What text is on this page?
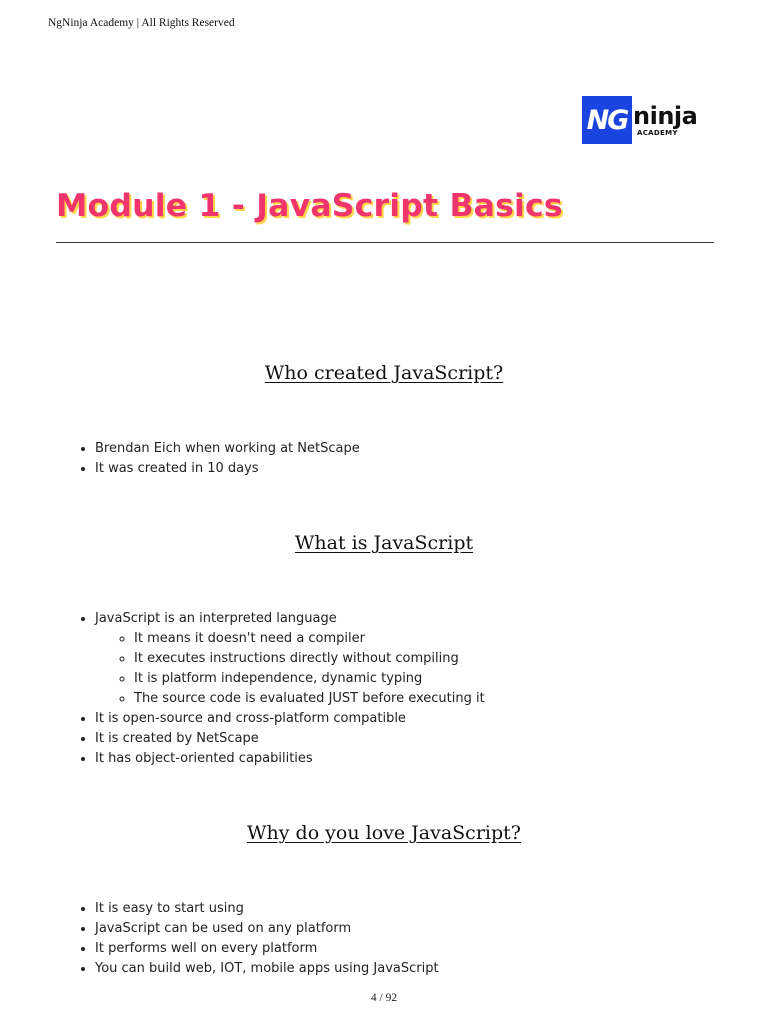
NgNinja Academy | All Rights Reserved
NG ninja
ACADEMY
Module 1 - JavaScript Basics
Who created JavaScript?
• Brendan Eich when working at NetScape
• It was created in 10 days
What is JavaScript
• JavaScript is an interpreted language
◦ It means it doesn't need a compiler
◦ It executes instructions directly without compiling
◦ It is platform independence, dynamic typing
◦ The source code is evaluated JUST before executing it
• It is open-source and cross-platform compatible
• It is created by NetScape
• It has object-oriented capabilities
Why do you love JavaScript?
• It is easy to start using
• JavaScript can be used on any platform
• It performs well on every platform
• You can build web, IOT, mobile apps using JavaScript
4 / 92
